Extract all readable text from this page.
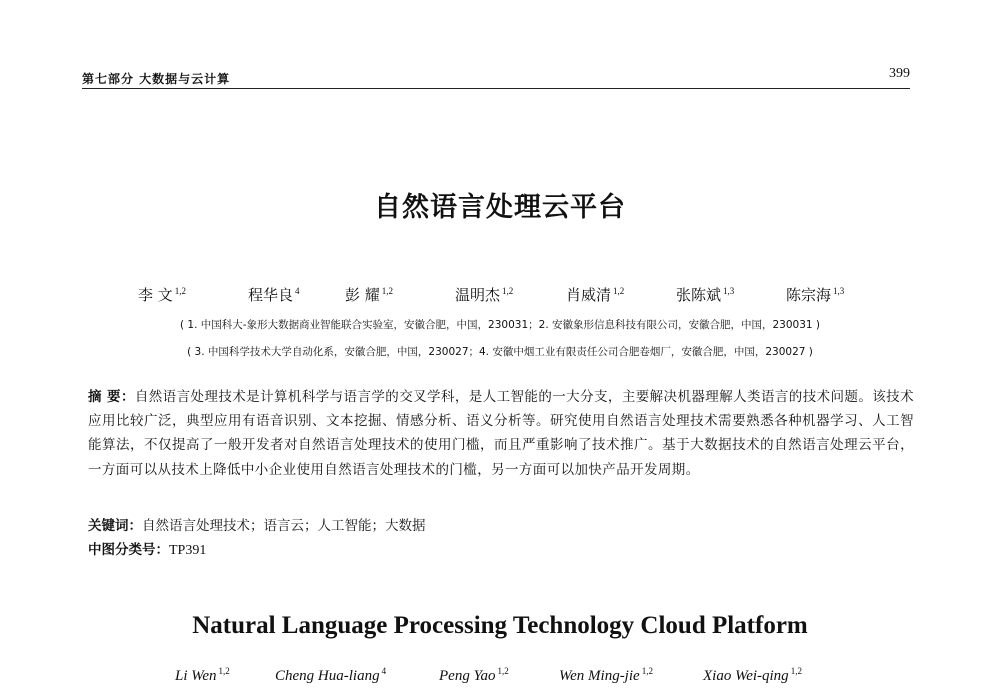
第七部分 大数据与云计算	399
自然语言处理云平台
李 文 $^{1,2}$	程华良 $^4$	彭 耀 $^{1,2}$	温明杰 $^{1,2}$	肖威清 $^{1,2}$	张陈斌 $^{1,3}$	陈宗海 $^{1,3}$
( 1. 中国科大-象形大数据商业智能联合实验室，安徽合肥，中国，230031；2. 安徽象形信息科技有限公司，安徽合肥，中国，230031 )
( 3. 中国科学技术大学自动化系，安徽合肥，中国，230027；4. 安徽中烟工业有限责任公司合肥卷烟厂，安徽合肥，中国，230027 )
摘 要：自然语言处理技术是计算机科学与语言学的交叉学科，是人工智能的一大分支，主要解决机器理解人类语言的技术问题。该技术应用比较广泛，典型应用有语音识别、文本挖掘、情感分析、语义分析等。研究使用自然语言处理技术需要熟悉各种机器学习、人工智能算法，不仅提高了一般开发者对自然语言处理技术的使用门槛，而且严重影响了技术推广。基于大数据技术的自然语言处理云平台，一方面可以从技术上降低中小企业使用自然语言处理技术的门槛，另一方面可以加快产品开发周期。
关键词：自然语言处理技术；语言云；人工智能；大数据
中图分类号：TP391
Natural Language Processing Technology Cloud Platform
Li Wen $^{1,2}$	Cheng Hua-liang $^4$	Peng Yao $^{1,2}$	Wen Ming-jie $^{1,2}$	Xiao Wei-qing $^{1,2}$
